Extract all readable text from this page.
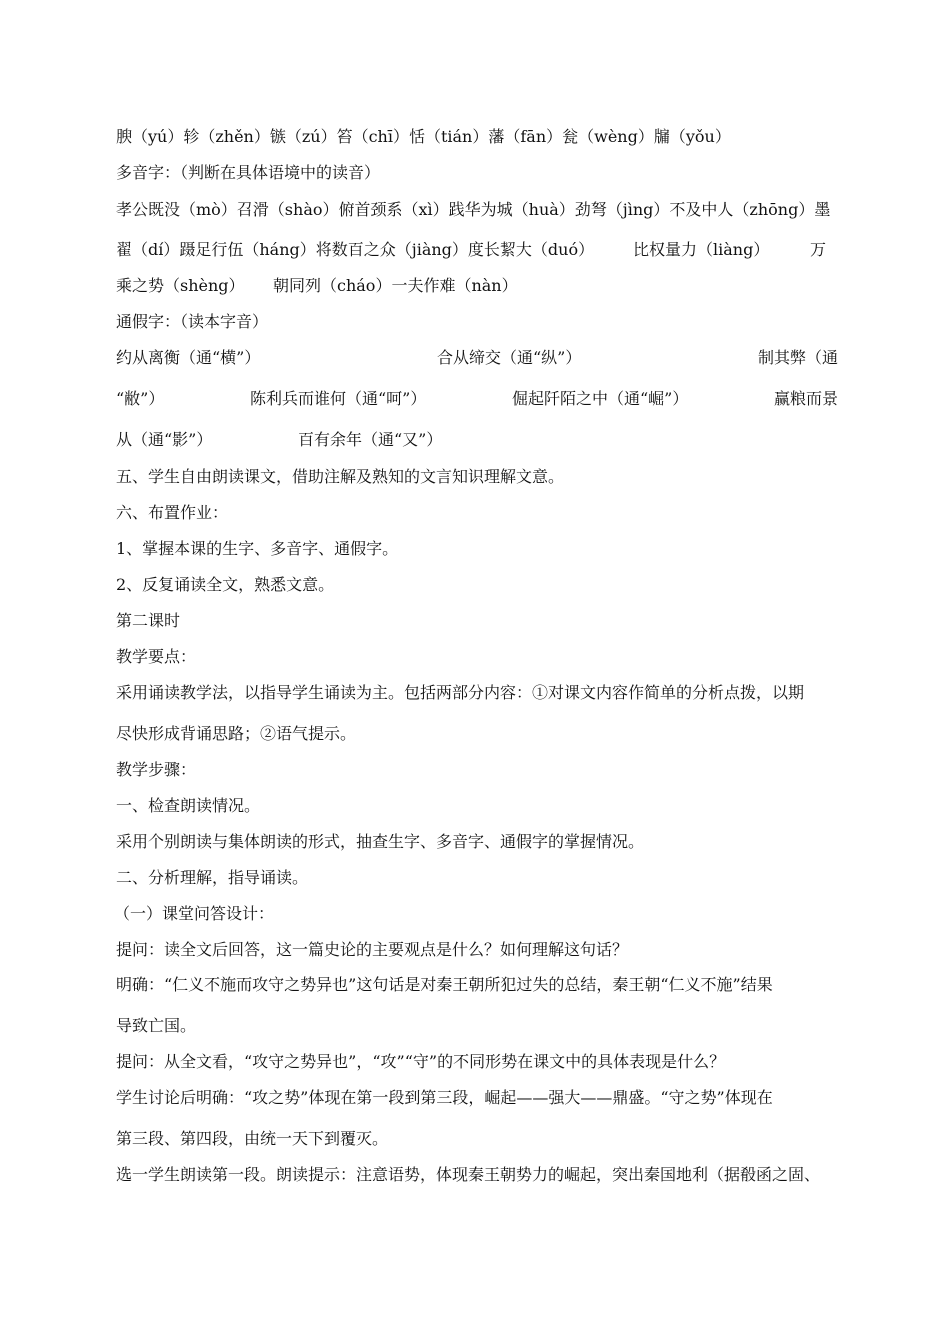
腴（yú）轸（zhěn）镞（zú）笞（chī）恬（tián）藩（fān）瓮（wèng）牖（yǒu）
多音字：（判断在具体语境中的读音）
孝公既没（mò）召滑（shào）俯首颈系（xì）践华为城（huà）劲弩（jìng）不及中人（zhōng）墨
翟（dí）蹑足行伍（háng）将数百之众（jiàng）度长絜大（duó） 比权量力（liàng）	万
乘之势（shèng） 朝同列（cháo）一夫作难（nàn）
通假字：（读本字音）
约从离衡（通“横”）	合从缔交（通“纵”）	制其弊（通
“敝”）	陈利兵而谁何（通“呵”）	倔起阡陌之中（通“崛”）	赢粮而景
从（通“影”）	百有余年（通“又”）
五、学生自由朗读课文，借助注解及熟知的文言知识理解文意。
六、布置作业：
1、掌握本课的生字、多音字、通假字。
2、反复诵读全文，熟悉文意。
第二课时
教学要点：
采用诵读教学法，以指导学生诵读为主。包括两部分内容：①对课文内容作简单的分析点拨，以期
尽快形成背诵思路；②语气提示。
教学步骤：
一、检查朗读情况。
采用个别朗读与集体朗读的形式，抽查生字、多音字、通假字的掌握情况。
二、分析理解，指导诵读。
（一）课堂问答设计：
提问：读全文后回答，这一篇史论的主要观点是什么？如何理解这句话？
明确：“仁义不施而攻守之势异也”这句话是对秦王朝所犯过失的总结，秦王朝“仁义不施”结果
导致亡国。
提问：从全文看，“攻守之势异也”，“攻”“守”的不同形势在课文中的具体表现是什么？
学生讨论后明确：“攻之势”体现在第一段到第三段，崛起——强大——鼎盛。“守之势”体现在
第三段、第四段，由统一天下到覆灭。
选一学生朗读第一段。朗读提示：注意语势，体现秦王朝势力的崛起，突出秦国地利（据殽函之固、
